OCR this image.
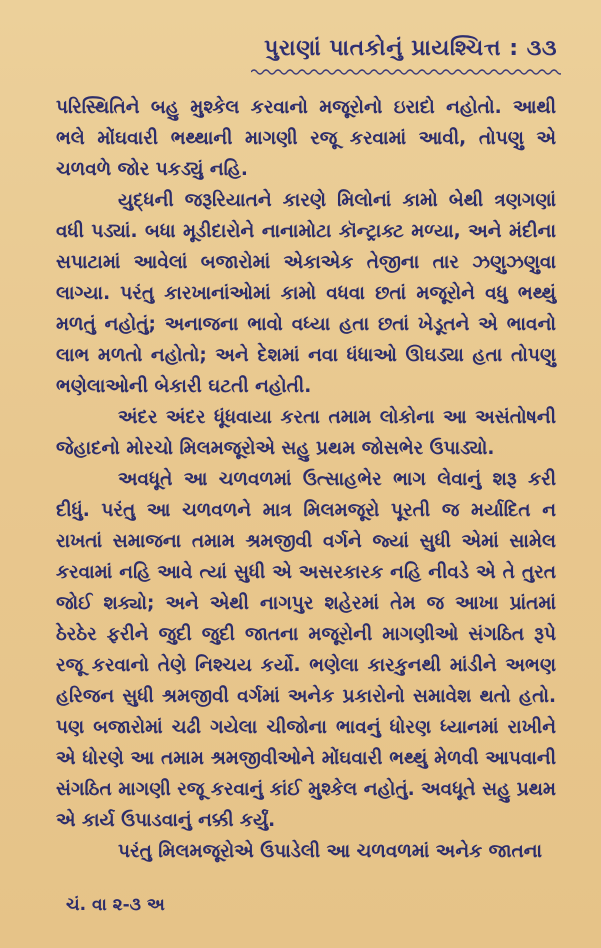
પુરાણાં પાતકોનું પ્રાયશ્ચિત્ત : ૩૩

પરિસ્થિતિને બહુ મુશ્કેલ કરવાનો મજૂરોનો ઇરાદો નહોતો. આથી ભલે મોંઘવારી ભથ્થાની માગણી રજૂ કરવામાં આવી, તોપણુ એ ચળવળે જોર પકડ્યું નહિ.

યુદ્ધની જરૂરિયાતને કારણે મિલોનાં કામો બેથી ત્રણગણાં વધી પડ્યાં. બધા મૂડીદારોને નાનામોટા કૉન્ટ્રાક્ટ મળ્યા, અને મંદીના સપાટામાં આવેલાં બજારોમાં એકાએક તેજીના તાર ઝણુઝણુવા લાગ્યા. પરંતુ કારખાનાંઓમાં કામો વધવા છતાં મજૂરોને વધુ ભથ્થું મળતું નહોતું; અનાજના ભાવો વધ્યા હતા છતાં ખેડૂતને એ ભાવનો લાભ મળતો નહોતો; અને દેશમાં નવા ધંધાઓ ઊઘડ્યા હતા તોપણુ ભણેલાઓની બેકારી ઘટતી નહોતી.

અંદર અંદર ધૂંધવાયા કરતા તમામ લોકોના આ અસંતોષની જેહાદનો મોરચો મિલમજૂરોએ સહુ પ્રથમ જોસભેર ઉપાડ્યો.

અવધૂતે આ ચળવળમાં ઉત્સાહભેર ભાગ લેવાનું શરૂ કરી દીધું. પરંતુ આ ચળવળને માત્ર મિલમજૂરો પૂરતી જ મર્યાદિત ન રાખતાં સમાજના તમામ શ્રમજીવી વર્ગને જ્યાં સુધી એમાં સામેલ કરવામાં નહિ આવે ત્યાં સુધી એ અસરકારક નહિ નીવડે એ તે તુરત જોઈ શક્યો; અને એથી નાગપુર શહેરમાં તેમ જ આખા પ્રાંતમાં ઠેરઠેર ફરીને જુદી જુદી જાતના મજૂરોની માગણીઓ સંગઠિત રૂપે રજૂ કરવાનો તેણે નિશ્ચય કર્યો. ભણેલા કારકુનથી માંડીને અભણ હરિજન સુધી શ્રમજીવી વર્ગમાં અનેક પ્રકારોનો સમાવેશ થતો હતો. પણ બજારોમાં ચઢી ગયેલા ચીજોના ભાવનું ધોરણ ધ્યાનમાં રાખીને એ ધોરણે આ તમામ શ્રમજીવીઓને મોંઘવારી ભથ્થું મેળવી આપવાની સંગઠિત માગણી રજૂ કરવાનું કાંઈ મુશ્કેલ નહોતું. અવધૂતે સહુ પ્રથમ એ કાર્ય ઉપાડવાનું નક્કી કર્યું.

પરંતુ મિલમજૂરોએ ઉપાડેલી આ ચળવળમાં અનેક જાતના

ચં. વા ૨-૩ અ
